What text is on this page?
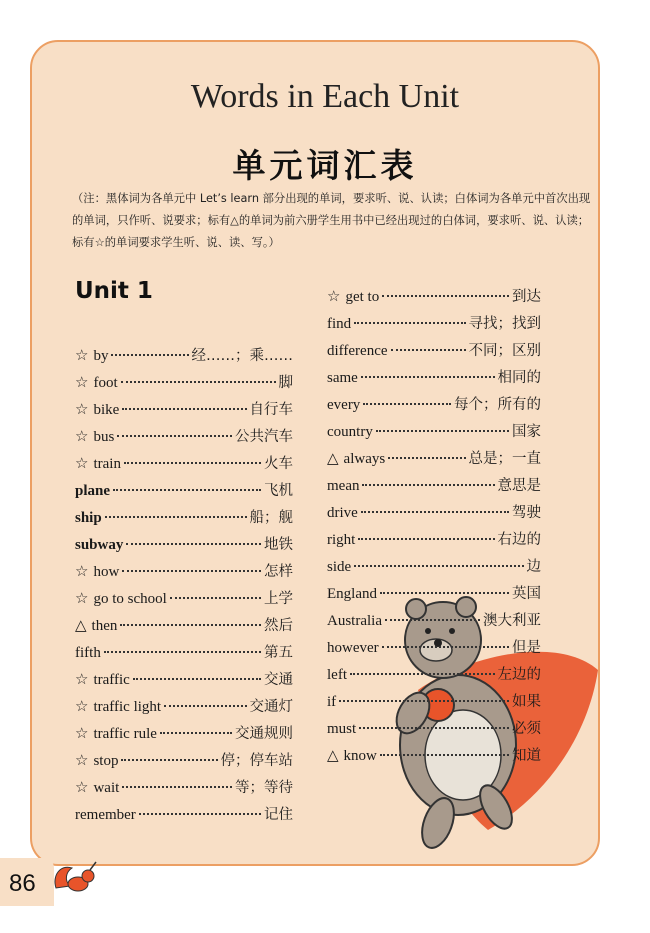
Words in Each Unit
单元词汇表
（注：黑体词为各单元中 Let’s learn 部分出现的单词，要求听、说、认读；白体词为各单元中首次出现的单词，只作听、说要求；标有△的单词为前六册学生用书中已经出现过的白体词，要求听、说、认读；标有☆的单词要求学生听、说、读、写。）
Unit 1
☆ by	经……；乘……
☆ foot	脚
☆ bike	自行车
☆ bus	公共汽车
☆ train	火车
plane	飞机
ship	船；舰
subway	地铁
☆ how	怎样
☆ go to school	上学
△ then	然后
fifth	第五
☆ traffic	交通
☆ traffic light	交通灯
☆ traffic rule	交通规则
☆ stop	停；停车站
☆ wait	等；等待
remember	记住
☆ get to	到达
find	寻找；找到
difference	不同；区别
same	相同的
every	每个；所有的
country	国家
△ always	总是；一直
mean	意思是
drive	驾驶
right	右边的
side	边
England	英国
Australia	澳大利亚
however	但是
left	左边的
if	如果
must	必须
△ know	知道
86
